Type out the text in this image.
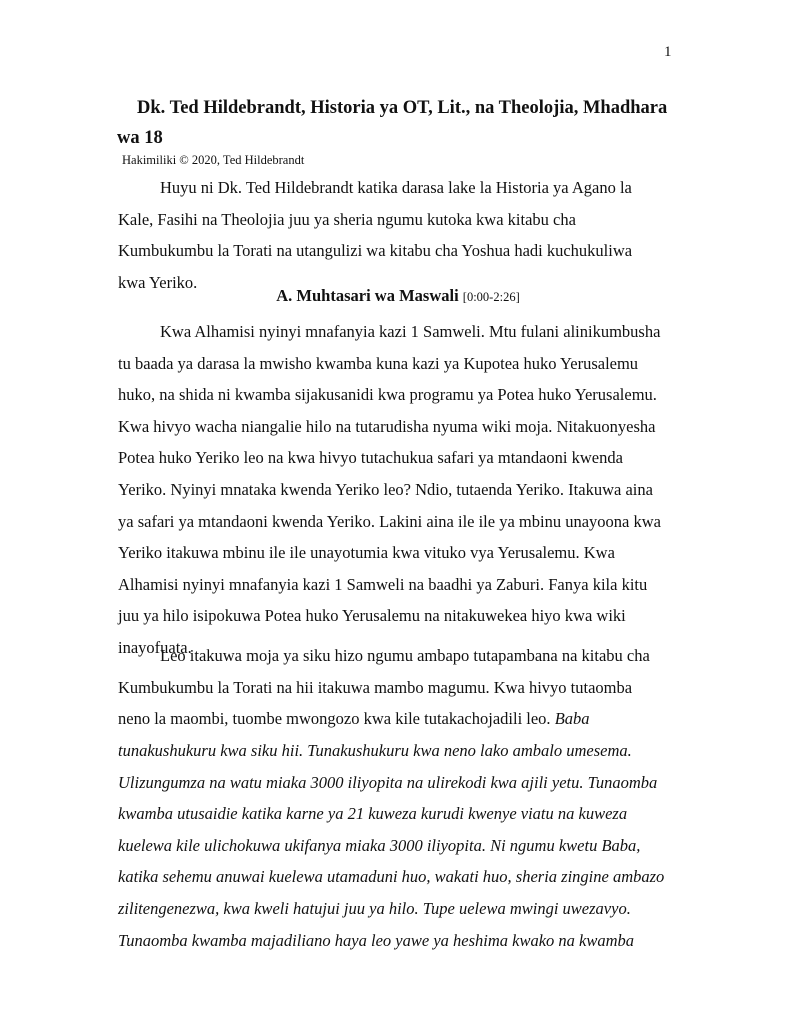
1
Dk. Ted Hildebrandt, Historia ya OT, Lit., na Theolojia, Mhadhara
wa 18
Hakimiliki © 2020, Ted Hildebrandt
Huyu ni Dk. Ted Hildebrandt katika darasa lake la Historia ya Agano la
Kale, Fasihi na Theolojia juu ya sheria ngumu kutoka kwa kitabu cha
Kumbukumbu la Torati na utangulizi wa kitabu cha Yoshua hadi kuchukuliwa
kwa Yeriko.
A. Muhtasari wa Maswali [0:00-2:26]
Kwa Alhamisi nyinyi mnafanyia kazi 1 Samweli. Mtu fulani alinikumbusha
tu baada ya darasa la mwisho kwamba kuna kazi ya Kupotea huko Yerusalemu
huko, na shida ni kwamba sijakusanidi kwa programu ya Potea huko Yerusalemu.
Kwa hivyo wacha niangalie hilo na tutarudisha nyuma wiki moja. Nitakuonyesha
Potea huko Yeriko leo na kwa hivyo tutachukua safari ya mtandaoni kwenda
Yeriko. Nyinyi mnataka kwenda Yeriko leo? Ndio, tutaenda Yeriko. Itakuwa aina
ya safari ya mtandaoni kwenda Yeriko. Lakini aina ile ile ya mbinu unayoona kwa
Yeriko itakuwa mbinu ile ile unayotumia kwa vituko vya Yerusalemu. Kwa
Alhamisi nyinyi mnafanyia kazi 1 Samweli na baadhi ya Zaburi. Fanya kila kitu
juu ya hilo isipokuwa Potea huko Yerusalemu na nitakuwekea hiyo kwa wiki
inayofuata.
Leo itakuwa moja ya siku hizo ngumu ambapo tutapambana na kitabu cha
Kumbukumbu la Torati na hii itakuwa mambo magumu. Kwa hivyo tutaomba
neno la maombi, tuombe mwongozo kwa kile tutakachojadili leo. Baba
tunakushukuru kwa siku hii. Tunakushukuru kwa neno lako ambalo umesema.
Ulizungumza na watu miaka 3000 iliyopita na ulirekodi kwa ajili yetu. Tunaomba
kwamba utusaidie katika karne ya 21 kuweza kurudi kwenye viatu na kuweza
kuelewa kile ulichokuwa ukifanya miaka 3000 iliyopita. Ni ngumu kwetu Baba,
katika sehemu anuwai kuelewa utamaduni huo, wakati huo, sheria zingine ambazo
zilitengenezwa, kwa kweli hatujui juu ya hilo. Tupe uelewa mwingi uwezavyo.
Tunaomba kwamba majadiliano haya leo yawe ya heshima kwako na kwamba
